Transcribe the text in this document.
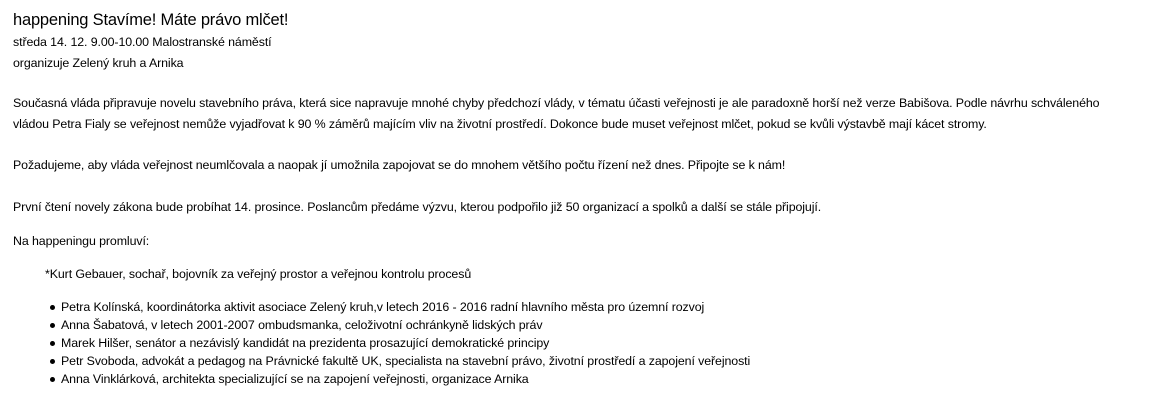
happening Stavíme! Máte právo mlčet!
středa 14. 12. 9.00-10.00 Malostranské náměstí
organizuje Zelený kruh a Arnika

Současná vláda připravuje novelu stavebního práva, která sice napravuje mnohé chyby předchozí vlády, v tématu účasti veřejnosti je ale paradoxně horší než verze Babišova. Podle návrhu schváleného
vládou Petra Fialy se veřejnost nemůže vyjadřovat k 90 % záměrů majícím vliv na životní prostředí. Dokonce bude muset veřejnost mlčet, pokud se kvůli výstavbě mají kácet stromy.

Požadujeme, aby vláda veřejnost neumlčovala a naopak jí umožnila zapojovat se do mnohem většího počtu řízení než dnes. Připojte se k nám!

První čtení novely zákona bude probíhat 14. prosince. Poslancům předáme výzvu, kterou podpořilo již 50 organizací a spolků a další se stále připojují.

Na happeningu promluví:

*Kurt Gebauer, sochař, bojovník za veřejný prostor a veřejnou kontrolu procesů
Petra Kolínská, koordinátorka aktivit asociace Zelený kruh,v letech 2016 - 2016 radní hlavního města pro územní rozvoj
Anna Šabatová, v letech 2001-2007 ombudsmanka, celoživotní ochránkyně lidských práv
Marek Hilšer, senátor a nezávislý kandidát na prezidenta prosazující demokratické principy
Petr Svoboda, advokát a pedagog na Právnické fakultě UK, specialista na stavební právo, životní prostředí a zapojení veřejnosti
Anna Vinklárková, architekta specializující se na zapojení veřejnosti, organizace Arnika
